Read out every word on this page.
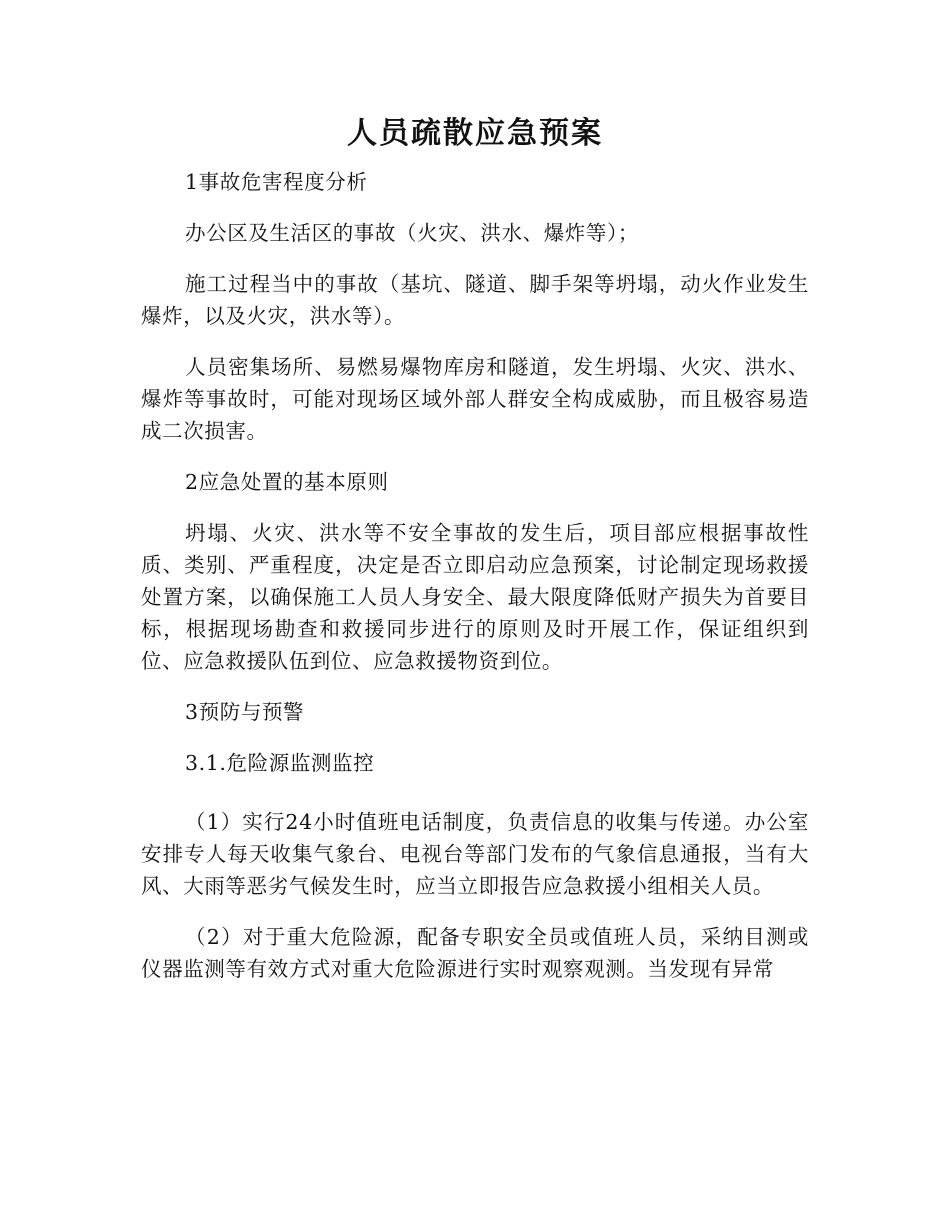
人员疏散应急预案

1事故危害程度分析

办公区及生活区的事故（火灾、洪水、爆炸等）；

施工过程当中的事故（基坑、隧道、脚手架等坍塌，动火作业发生爆炸，以及火灾，洪水等）。

人员密集场所、易燃易爆物库房和隧道，发生坍塌、火灾、洪水、爆炸等事故时，可能对现场区域外部人群安全构成威胁，而且极容易造成二次损害。

2应急处置的基本原则

坍塌、火灾、洪水等不安全事故的发生后，项目部应根据事故性质、类别、严重程度，决定是否立即启动应急预案，讨论制定现场救援处置方案，以确保施工人员人身安全、最大限度降低财产损失为首要目标，根据现场勘查和救援同步进行的原则及时开展工作，保证组织到位、应急救援队伍到位、应急救援物资到位。

3预防与预警

3.1.危险源监测监控

（1）实行24小时值班电话制度，负责信息的收集与传递。办公室安排专人每天收集气象台、电视台等部门发布的气象信息通报，当有大风、大雨等恶劣气候发生时，应当立即报告应急救援小组相关人员。

（2）对于重大危险源，配备专职安全员或值班人员，采纳目测或仪器监测等有效方式对重大危险源进行实时观察观测。当发现有异常
